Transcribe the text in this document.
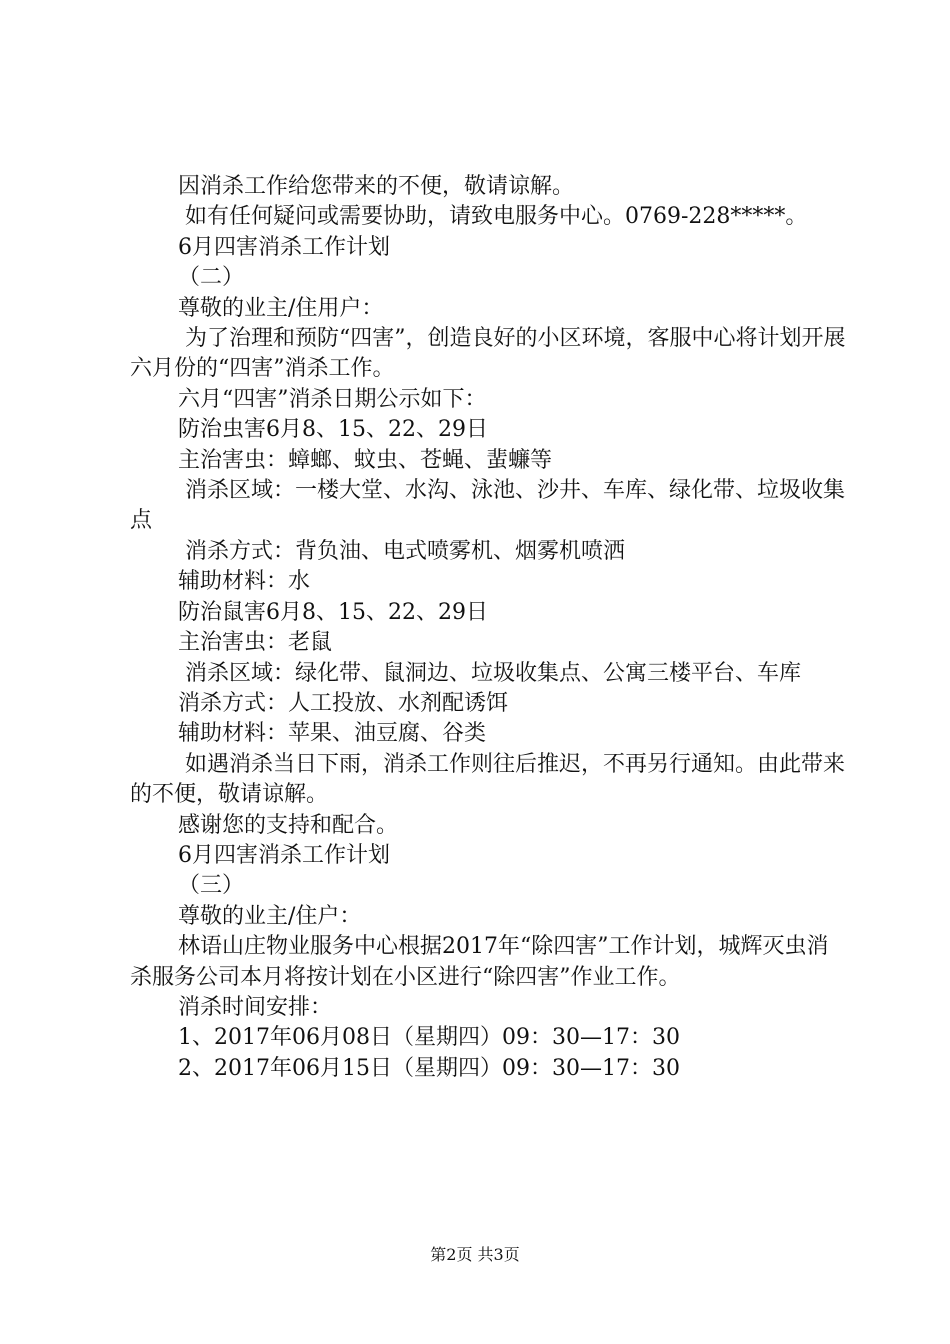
因消杀工作给您带来的不便，敬请谅解。

如有任何疑问或需要协助，请致电服务中心。0769-228*****。

6月四害消杀工作计划

（二）

尊敬的业主/住用户：

为了治理和预防“四害”，创造良好的小区环境，客服中心将计划开展六月份的“四害”消杀工作。

六月“四害”消杀日期公示如下：

防治虫害6月8、15、22、29日

主治害虫：蟑螂、蚊虫、苍蝇、蜚蠊等

消杀区域：一楼大堂、水沟、泳池、沙井、车库、绿化带、垃圾收集点

消杀方式：背负油、电式喷雾机、烟雾机喷洒

辅助材料：水

防治鼠害6月8、15、22、29日

主治害虫：老鼠

消杀区域：绿化带、鼠洞边、垃圾收集点、公寓三楼平台、车库

消杀方式：人工投放、水剂配诱饵

辅助材料：苹果、油豆腐、谷类

如遇消杀当日下雨，消杀工作则往后推迟，不再另行通知。由此带来的不便，敬请谅解。

感谢您的支持和配合。

6月四害消杀工作计划

（三）

尊敬的业主/住户：

林语山庄物业服务中心根据2017年“除四害”工作计划，城辉灭虫消杀服务公司本月将按计划在小区进行“除四害”作业工作。

消杀时间安排：

1、2017年06月08日（星期四）09：30—17：30

2、2017年06月15日（星期四）09：30—17：30

第2页 共3页
